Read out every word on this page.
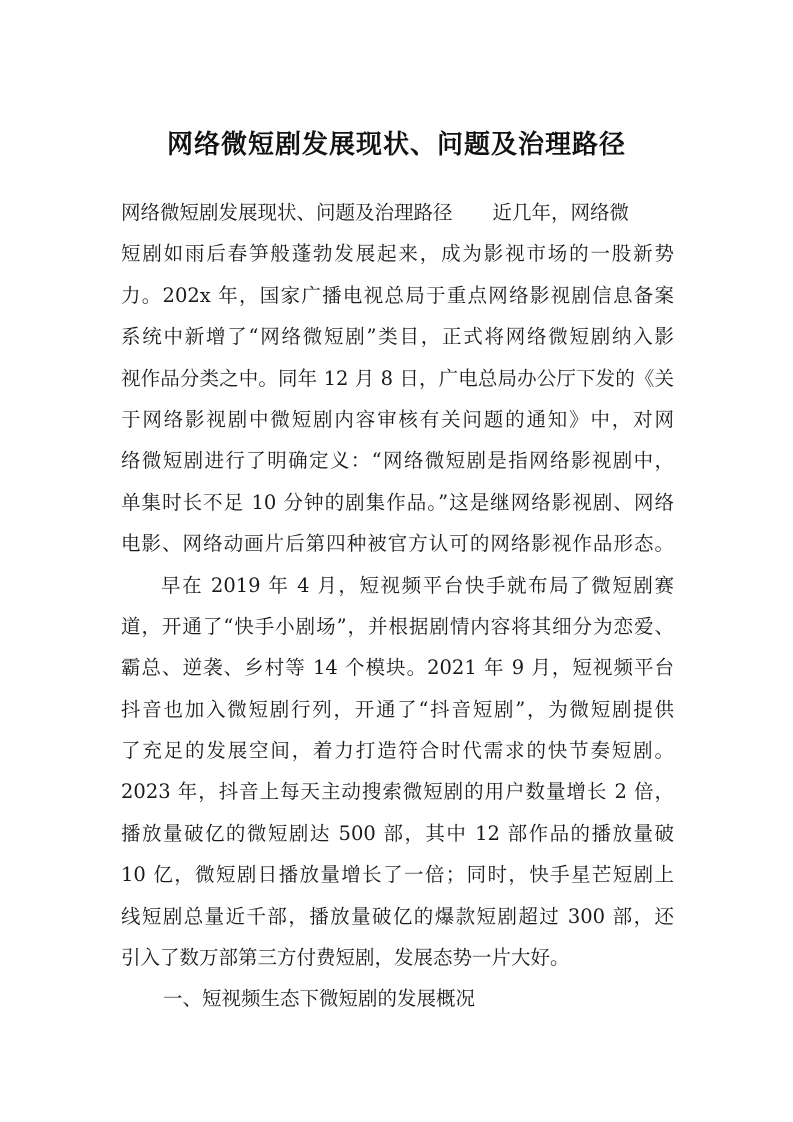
网络微短剧发展现状、问题及治理路径
网络微短剧发展现状、问题及治理路径 近几年，网络微
短剧如雨后春笋般蓬勃发展起来，成为影视市场的一股新势
力。202x 年，国家广播电视总局于重点网络影视剧信息备案
系统中新增了“网络微短剧”类目，正式将网络微短剧纳入影
视作品分类之中。同年 12 月 8 日，广电总局办公厅下发的《关
于网络影视剧中微短剧内容审核有关问题的通知》中，对网
络微短剧进行了明确定义：“网络微短剧是指网络影视剧中，
单集时长不足 10 分钟的剧集作品。”这是继网络影视剧、网络
电影、网络动画片后第四种被官方认可的网络影视作品形态。
早在 2019 年 4 月，短视频平台快手就布局了微短剧赛
道，开通了“快手小剧场”，并根据剧情内容将其细分为恋爱、
霸总、逆袭、乡村等 14 个模块。2021 年 9 月，短视频平台
抖音也加入微短剧行列，开通了“抖音短剧”，为微短剧提供
了充足的发展空间，着力打造符合时代需求的快节奏短剧。
2023 年，抖音上每天主动搜索微短剧的用户数量增长 2 倍，
播放量破亿的微短剧达 500 部，其中 12 部作品的播放量破
10 亿，微短剧日播放量增长了一倍；同时，快手星芒短剧上
线短剧总量近千部，播放量破亿的爆款短剧超过 300 部，还
引入了数万部第三方付费短剧，发展态势一片大好。
一、短视频生态下微短剧的发展概况
